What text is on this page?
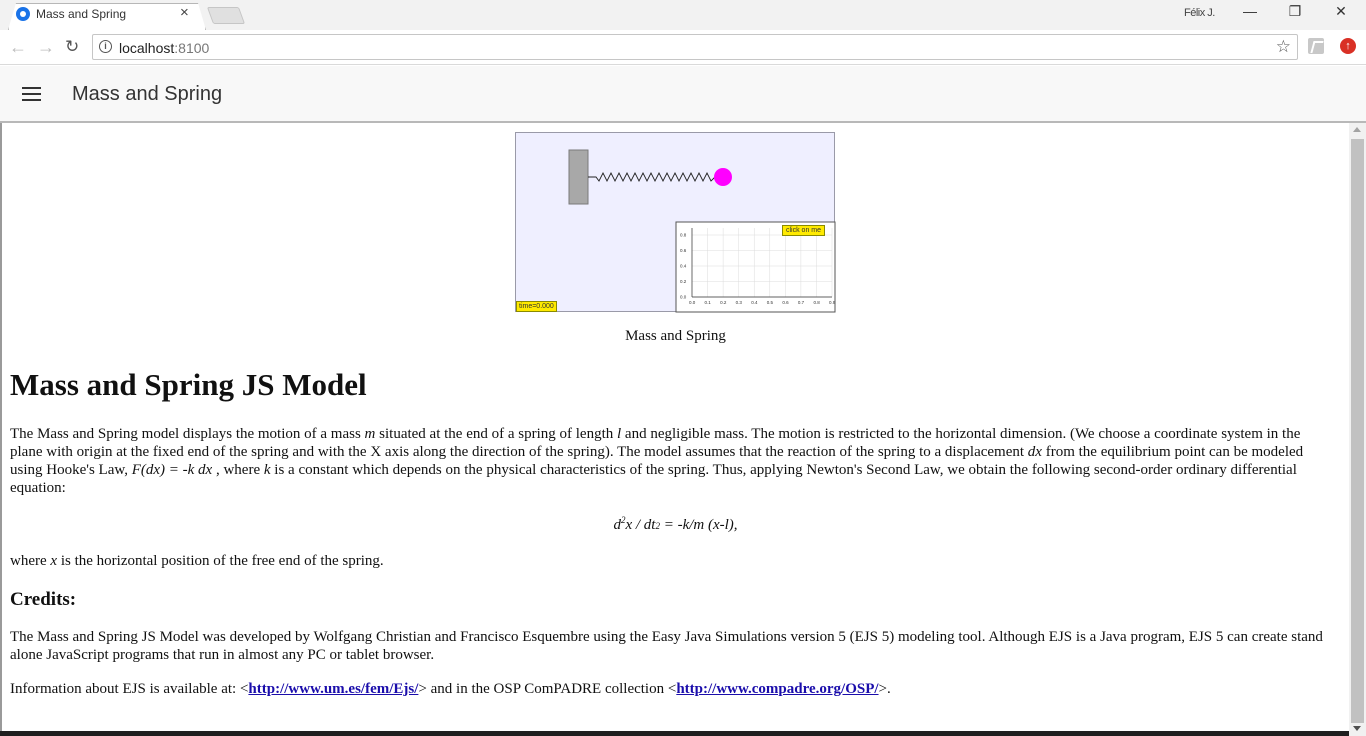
Mass and Spring	×	Félix J.	—	❐	✕
← → ↻	i localhost:8100	☆	↑
Mass and Spring
0.8
0.6
0.4
0.2
0.0
0.0 0.1 0.2 0.3 0.4 0.5 0.6 0.7 0.8 0.9
click on me
time=0.000
Mass and Spring
Mass and Spring JS Model
The Mass and Spring model displays the motion of a mass m situated at the end of a spring of length l and negligible mass. The motion is restricted to the horizontal dimension. (We choose a coordinate system in the plane with origin at the fixed end of the spring and with the X axis along the direction of the spring). The model assumes that the reaction of the spring to a displacement dx from the equilibrium point can be modeled using Hooke's Law, F(dx) = -k dx , where k is a constant which depends on the physical characteristics of the spring. Thus, applying Newton's Second Law, we obtain the following second-order ordinary differential equation:
$d^2x / dt2 = -k/m$ (x-l),
where x is the horizontal position of the free end of the spring.
Credits:
The Mass and Spring JS Model was developed by Wolfgang Christian and Francisco Esquembre using the Easy Java Simulations version 5 (EJS 5) modeling tool. Although EJS is a Java program, EJS 5 can create stand alone JavaScript programs that run in almost any PC or tablet browser.
Information about EJS is available at: <http://www.um.es/fem/Ejs/> and in the OSP ComPADRE collection <http://www.compadre.org/OSP/>.
